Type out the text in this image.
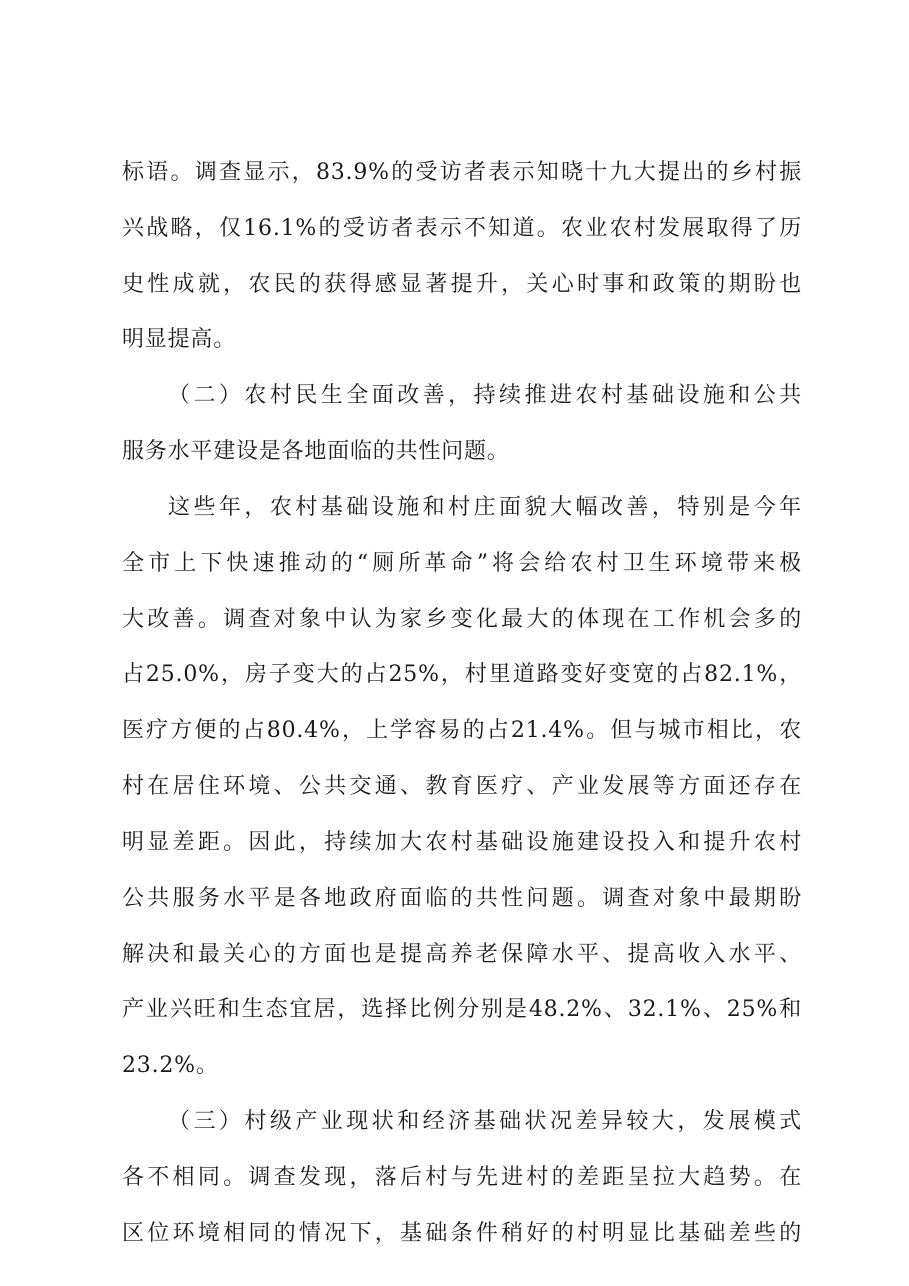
标语。调查显示，83.9%的受访者表示知晓十九大提出的乡村振
兴战略，仅16.1%的受访者表示不知道。农业农村发展取得了历
史性成就，农民的获得感显著提升，关心时事和政策的期盼也
明显提高。
（二）农村民生全面改善，持续推进农村基础设施和公共
服务水平建设是各地面临的共性问题。
这些年，农村基础设施和村庄面貌大幅改善，特别是今年
全市上下快速推动的“厕所革命”将会给农村卫生环境带来极
大改善。调查对象中认为家乡变化最大的体现在工作机会多的
占25.0%，房子变大的占25%，村里道路变好变宽的占82.1%，
医疗方便的占80.4%，上学容易的占21.4%。但与城市相比，农
村在居住环境、公共交通、教育医疗、产业发展等方面还存在
明显差距。因此，持续加大农村基础设施建设投入和提升农村
公共服务水平是各地政府面临的共性问题。调查对象中最期盼
解决和最关心的方面也是提高养老保障水平、提高收入水平、
产业兴旺和生态宜居，选择比例分别是48.2%、32.1%、25%和
23.2%。
（三）村级产业现状和经济基础状况差异较大，发展模式
各不相同。调查发现，落后村与先进村的差距呈拉大趋势。在
区位环境相同的情况下，基础条件稍好的村明显比基础差些的
